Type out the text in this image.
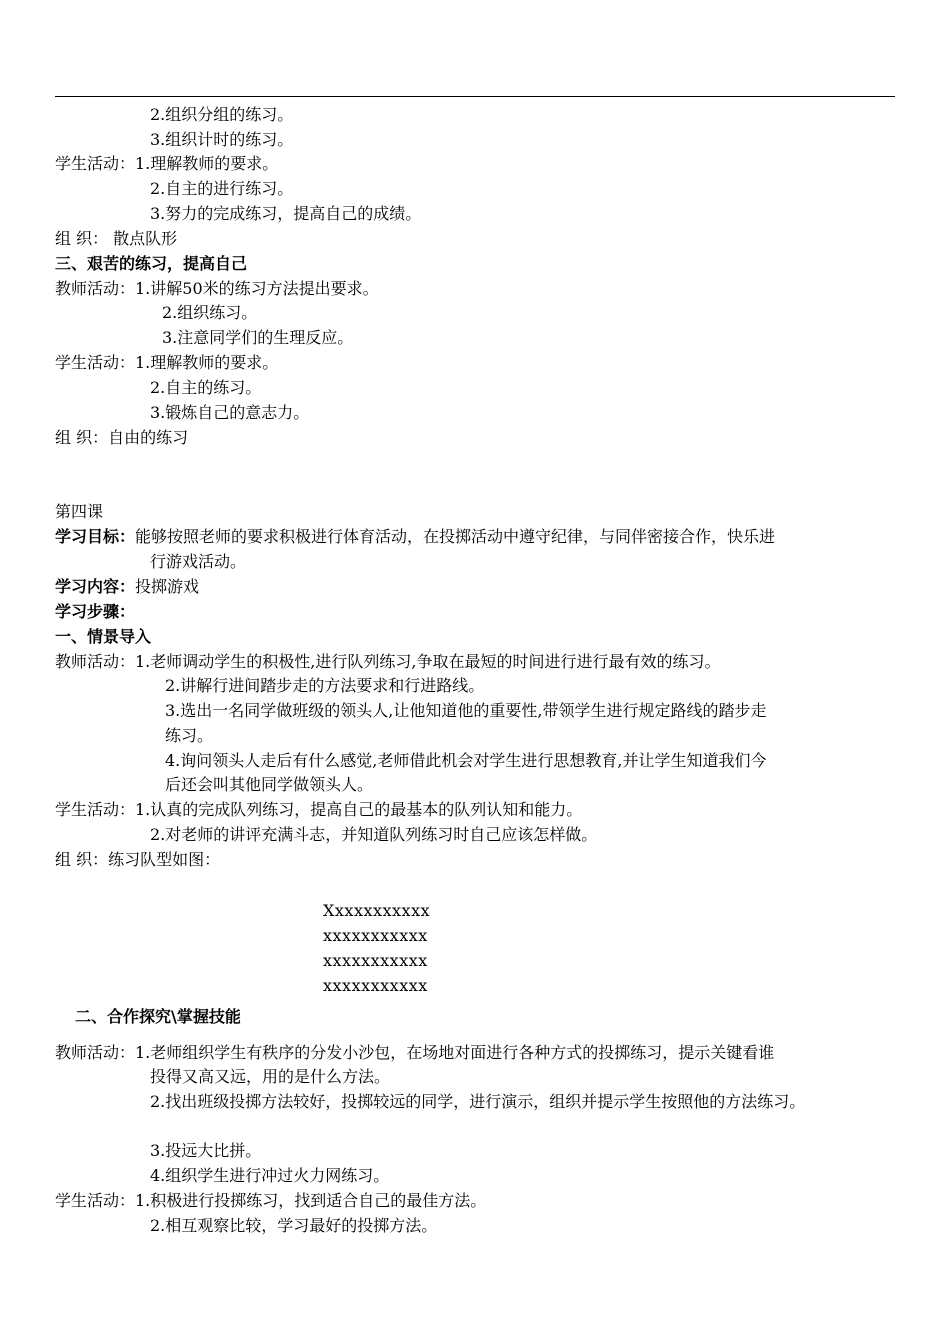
2.组织分组的练习。
3.组织计时的练习。
学生活动：1.理解教师的要求。
2.自主的进行练习。
3.努力的完成练习，提高自己的成绩。
组 织： 散点队形
三、艰苦的练习，提高自己
教师活动：1.讲解50米的练习方法提出要求。
2.组织练习。
3.注意同学们的生理反应。
学生活动：1.理解教师的要求。
2.自主的练习。
3.锻炼自己的意志力。
组 织：自由的练习
第四课
学习目标：能够按照老师的要求积极进行体育活动，在投掷活动中遵守纪律，与同伴密接合作，快乐进
行游戏活动。
学习内容：投掷游戏
学习步骤：
一、情景导入
教师活动：1.老师调动学生的积极性,进行队列练习,争取在最短的时间进行进行最有效的练习。
2.讲解行进间踏步走的方法要求和行进路线。
3.选出一名同学做班级的领头人,让他知道他的重要性,带领学生进行规定路线的踏步走
练习。
4.询问领头人走后有什么感觉,老师借此机会对学生进行思想教育,并让学生知道我们今
后还会叫其他同学做领头人。
学生活动：1.认真的完成队列练习，提高自己的最基本的队列认知和能力。
2.对老师的讲评充满斗志，并知道队列练习时自己应该怎样做。
组 织：练习队型如图：
Xxxxxxxxxxx
xxxxxxxxxxx
xxxxxxxxxxx
xxxxxxxxxxx
二、合作探究\掌握技能
教师活动：1.老师组织学生有秩序的分发小沙包，在场地对面进行各种方式的投掷练习，提示关键看谁
投得又高又远，用的是什么方法。
2.找出班级投掷方法较好，投掷较远的同学，进行演示，组织并提示学生按照他的方法练习。
3.投远大比拼。
4.组织学生进行冲过火力网练习。
学生活动：1.积极进行投掷练习，找到适合自己的最佳方法。
2.相互观察比较，学习最好的投掷方法。
